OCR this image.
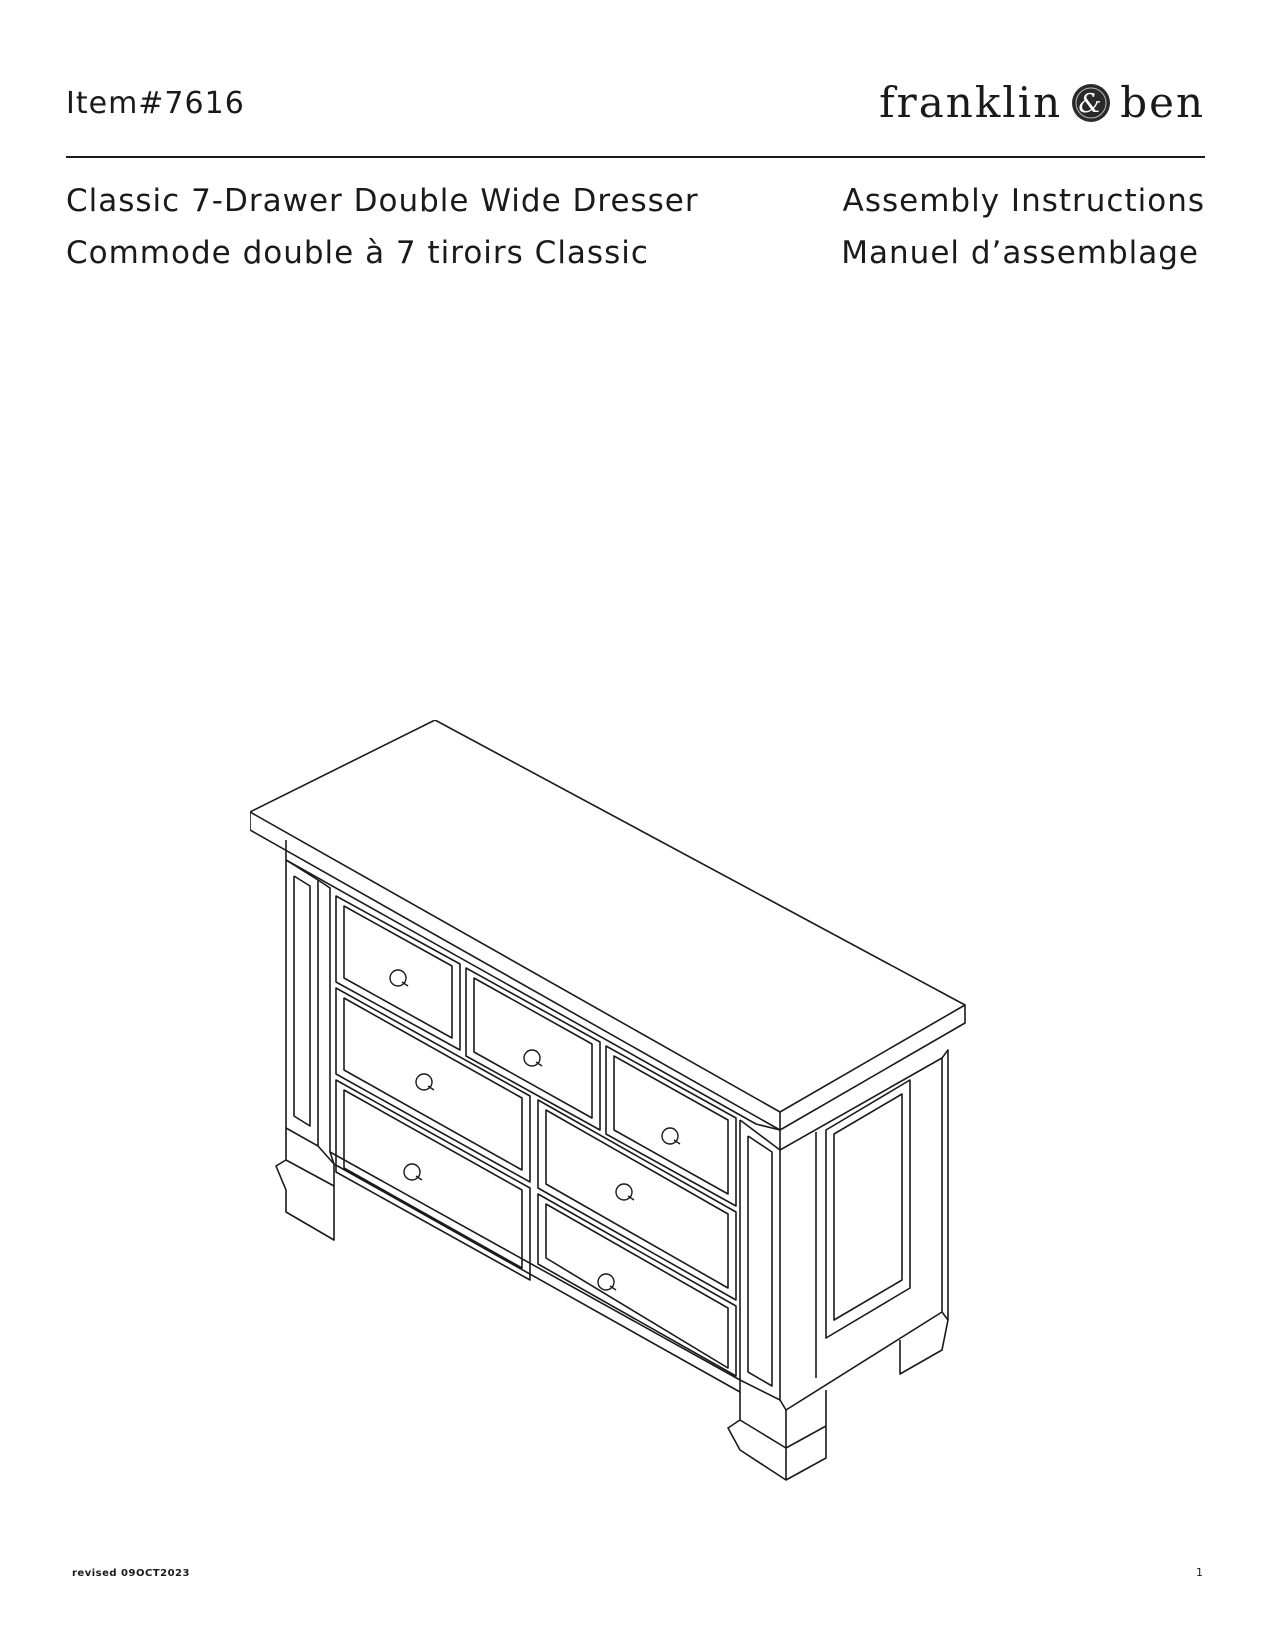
Item#7616	franklin & ben
Classic 7-Drawer Double Wide Dresser
Commode double à 7 tiroirs Classic
Assembly Instructions
Manuel d’assemblage
revised 09OCT2023	1
